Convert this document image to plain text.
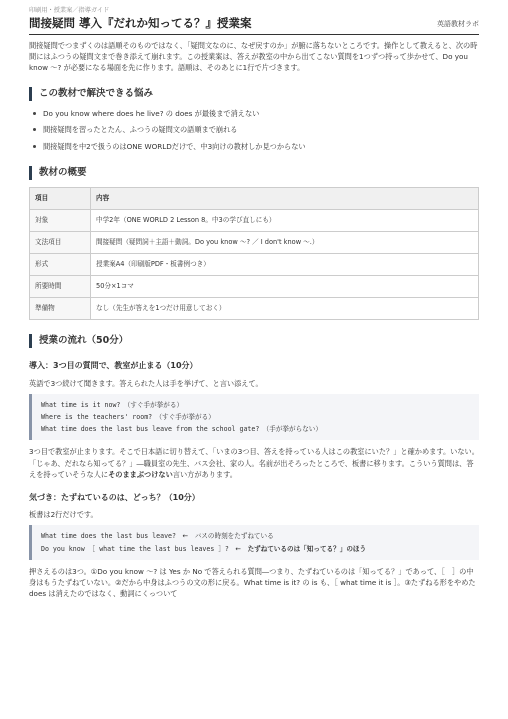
印刷用・授業案／指導ガイド
間接疑問 導入『だれか知ってる？』授業案	英語教材ラボ

間接疑問でつまずくのは語順そのものではなく、「疑問文なのに、なぜ戻すのか」が腑に落ちないところです。操作として教えると、次の時間にはふつうの疑問文まで巻き添えて崩れます。この授業案は、答えが教室の中から出てこない質問を1つずつ持って歩かせて、Do you know ～? が必要になる場面を先に作ります。語順は、そのあとに1行で片づきます。

この教材で解決できる悩み
Do you know where does he live? の does が最後まで消えない
間接疑問を習ったとたん、ふつうの疑問文の語順まで崩れる
間接疑問を中2で扱うのはONE WORLDだけで、中3向けの教材しか見つからない
教材の概要
項目	内容
対象	中学2年（ONE WORLD 2 Lesson 8。中3の学び直しにも）
文法項目	間接疑問（疑問詞＋主語＋動詞。Do you know ～? ／ I don't know ～.）
形式	授業案A4（印刷版PDF・板書例つき）
所要時間	50分×1コマ
準備物	なし（先生が答えを1つだけ用意しておく）
授業の流れ（50分）
導入：3つ目の質問で、教室が止まる（10分）

英語で3つ続けて聞きます。答えられた人は手を挙げて、と言い添えて。

What time is it now?　（すぐ手が挙がる）
Where is the teachers' room?　（すぐ手が挙がる）
What time does the last bus leave from the school gate?　（手が挙がらない）

3つ目で教室が止まります。そこで日本語に切り替えて、「いまの3つ目、答えを持っている人はこの教室にいた？」と確かめます。いない。「じゃあ、だれなら知ってる？」―職員室の先生、バス会社、家の人。名前が出そろったところで、板書に移ります。こういう質問は、答えを持っていそうな人にそのままぶつけない言い方があります。

気づき：たずねているのは、どっち？（10分）

板書は2行だけです。

What time does the last bus leave?　 ←　 バスの時刻をたずねている
Do you know ［ what time the last bus leaves ］?　 ←　 たずねているのは「知ってる？」のほう

押さえるのは3つ。①Do you know ～? は Yes か No で答えられる質問―つまり、たずねているのは「知ってる？」であって、［　］の中身はもうたずねていない。②だから中身はふつうの文の形に戻る。What time is it? の is も、［ what time it is ］。③たずねる形をやめた does は消えたのではなく、動詞にくっついて
